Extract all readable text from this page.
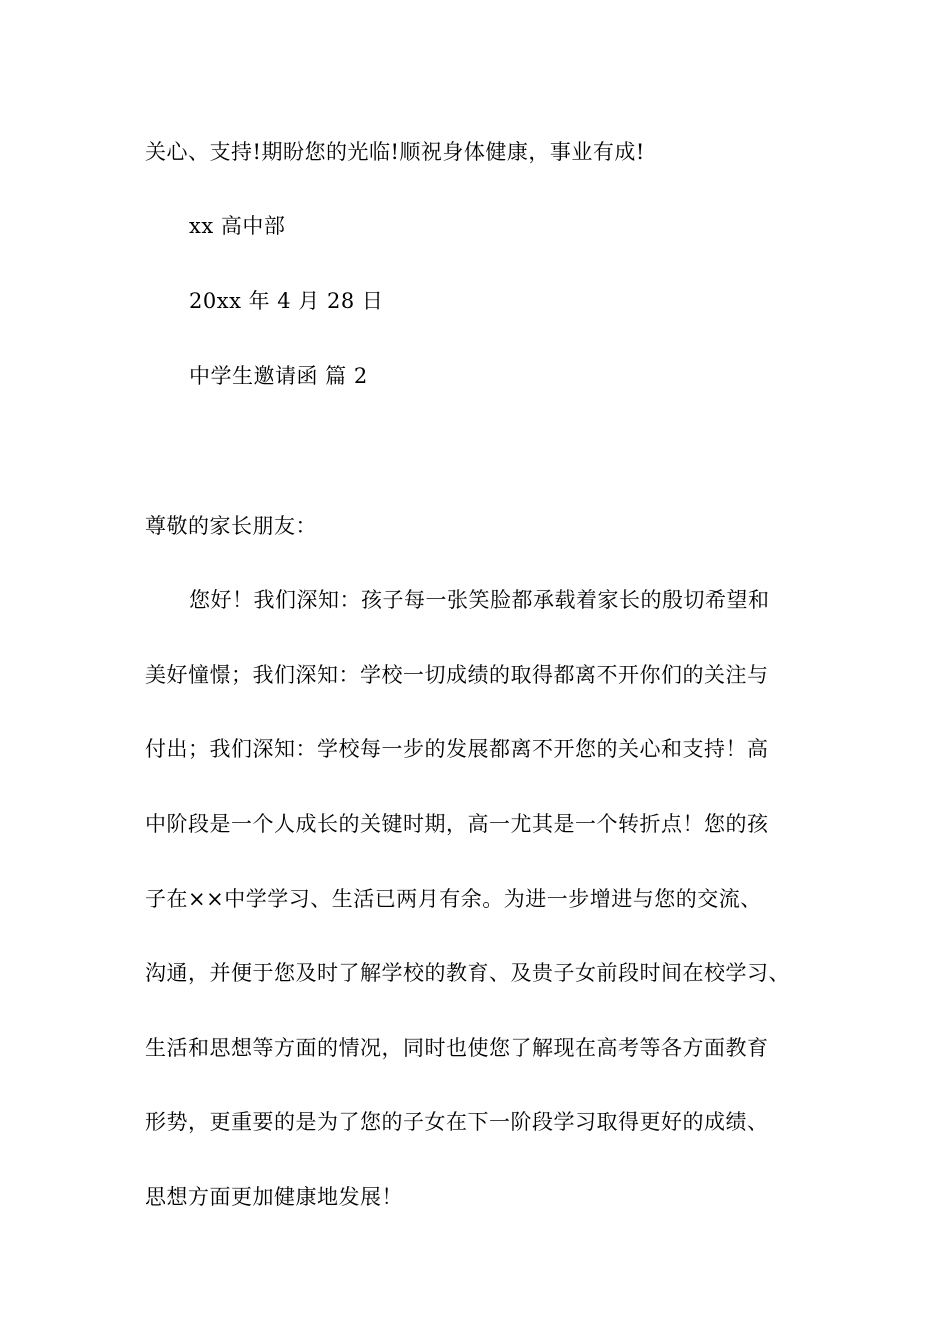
关心、支持!期盼您的光临!顺祝身体健康，事业有成!
xx 高中部
20xx 年 4 月 28 日
中学生邀请函 篇 2
尊敬的家长朋友：
您好！我们深知：孩子每一张笑脸都承载着家长的殷切希望和
美好憧憬；我们深知：学校一切成绩的取得都离不开你们的关注与
付出；我们深知：学校每一步的发展都离不开您的关心和支持！高
中阶段是一个人成长的关键时期，高一尤其是一个转折点！您的孩
子在××中学学习、生活已两月有余。为进一步增进与您的交流、
沟通，并便于您及时了解学校的教育、及贵子女前段时间在校学习、
生活和思想等方面的情况，同时也使您了解现在高考等各方面教育
形势，更重要的是为了您的子女在下一阶段学习取得更好的成绩、
思想方面更加健康地发展！
